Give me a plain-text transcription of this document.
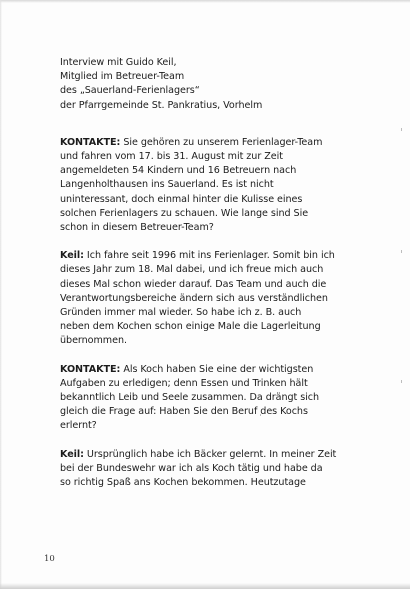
Interview mit Guido Keil,

Mitglied im Betreuer-Team

des „Sauerland-Ferienlagers“

der Pfarrgemeinde St. Pankratius, Vorhelm

KONTAKTE: Sie gehören zu unserem Ferienlager-Team
und fahren vom 17. bis 31. August mit zur Zeit
angemeldeten 54 Kindern und 16 Betreuern nach
Langenholthausen ins Sauerland. Es ist nicht
uninteressant, doch einmal hinter die Kulisse eines
solchen Ferienlagers zu schauen. Wie lange sind Sie
schon in diesem Betreuer-Team?
Keil: Ich fahre seit 1996 mit ins Ferienlager. Somit bin ich
dieses Jahr zum 18. Mal dabei, und ich freue mich auch
dieses Mal schon wieder darauf. Das Team und auch die
Verantwortungsbereiche ändern sich aus verständlichen
Gründen immer mal wieder. So habe ich z. B. auch
neben dem Kochen schon einige Male die Lagerleitung
übernommen.
KONTAKTE: Als Koch haben Sie eine der wichtigsten
Aufgaben zu erledigen; denn Essen und Trinken hält
bekanntlich Leib und Seele zusammen. Da drängt sich
gleich die Frage auf: Haben Sie den Beruf des Kochs
erlernt?
Keil: Ursprünglich habe ich Bäcker gelernt. In meiner Zeit
bei der Bundeswehr war ich als Koch tätig und habe da
so richtig Spaß ans Kochen bekommen. Heutzutage
10
